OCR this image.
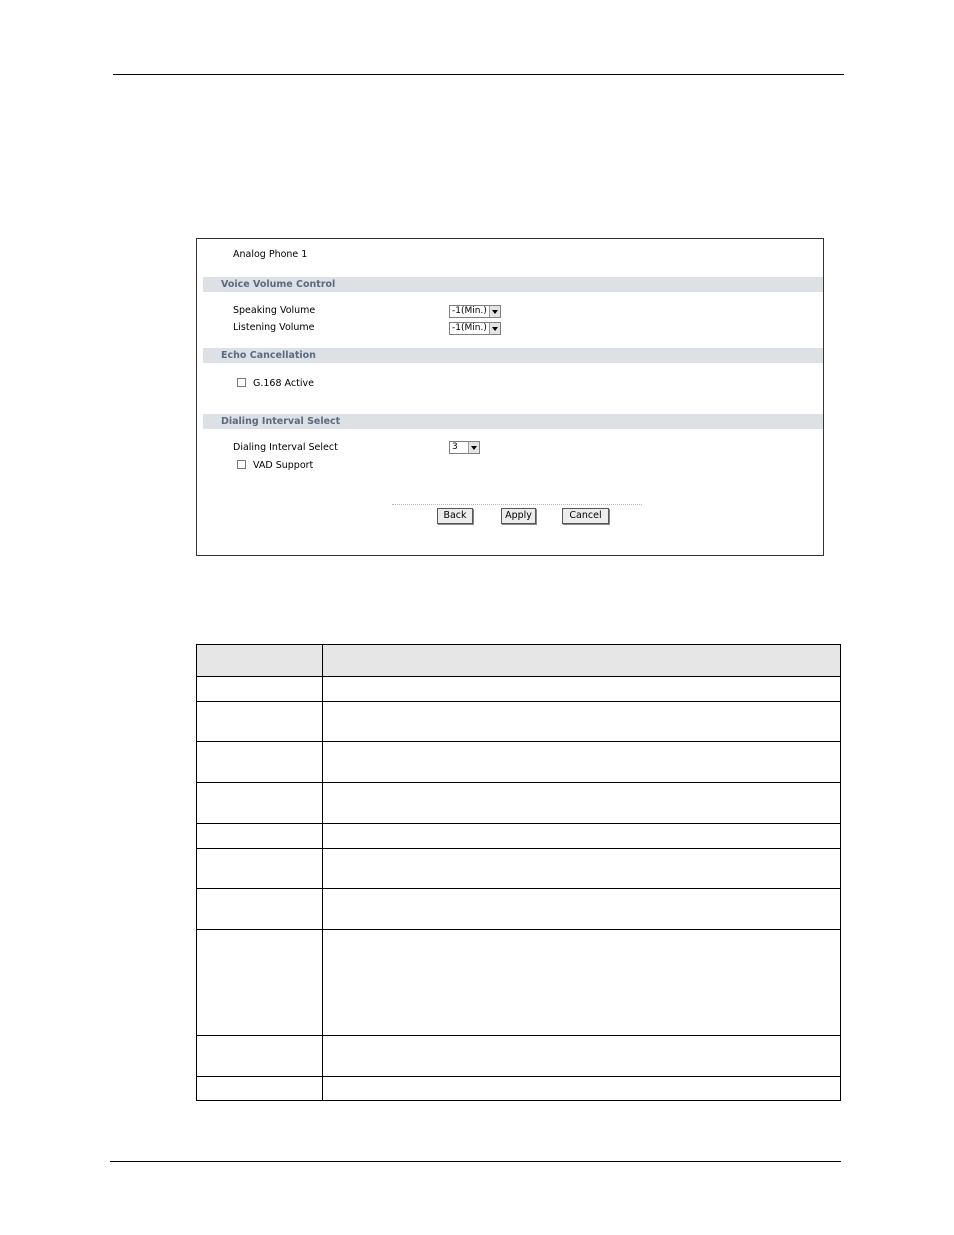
Analog Phone 1
Voice Volume Control
Speaking Volume	-1(Min.)
Listening Volume	-1(Min.)
Echo Cancellation
G.168 Active
Dialing Interval Select
Dialing Interval Select	3
VAD Support
Back	Apply	Cancel
